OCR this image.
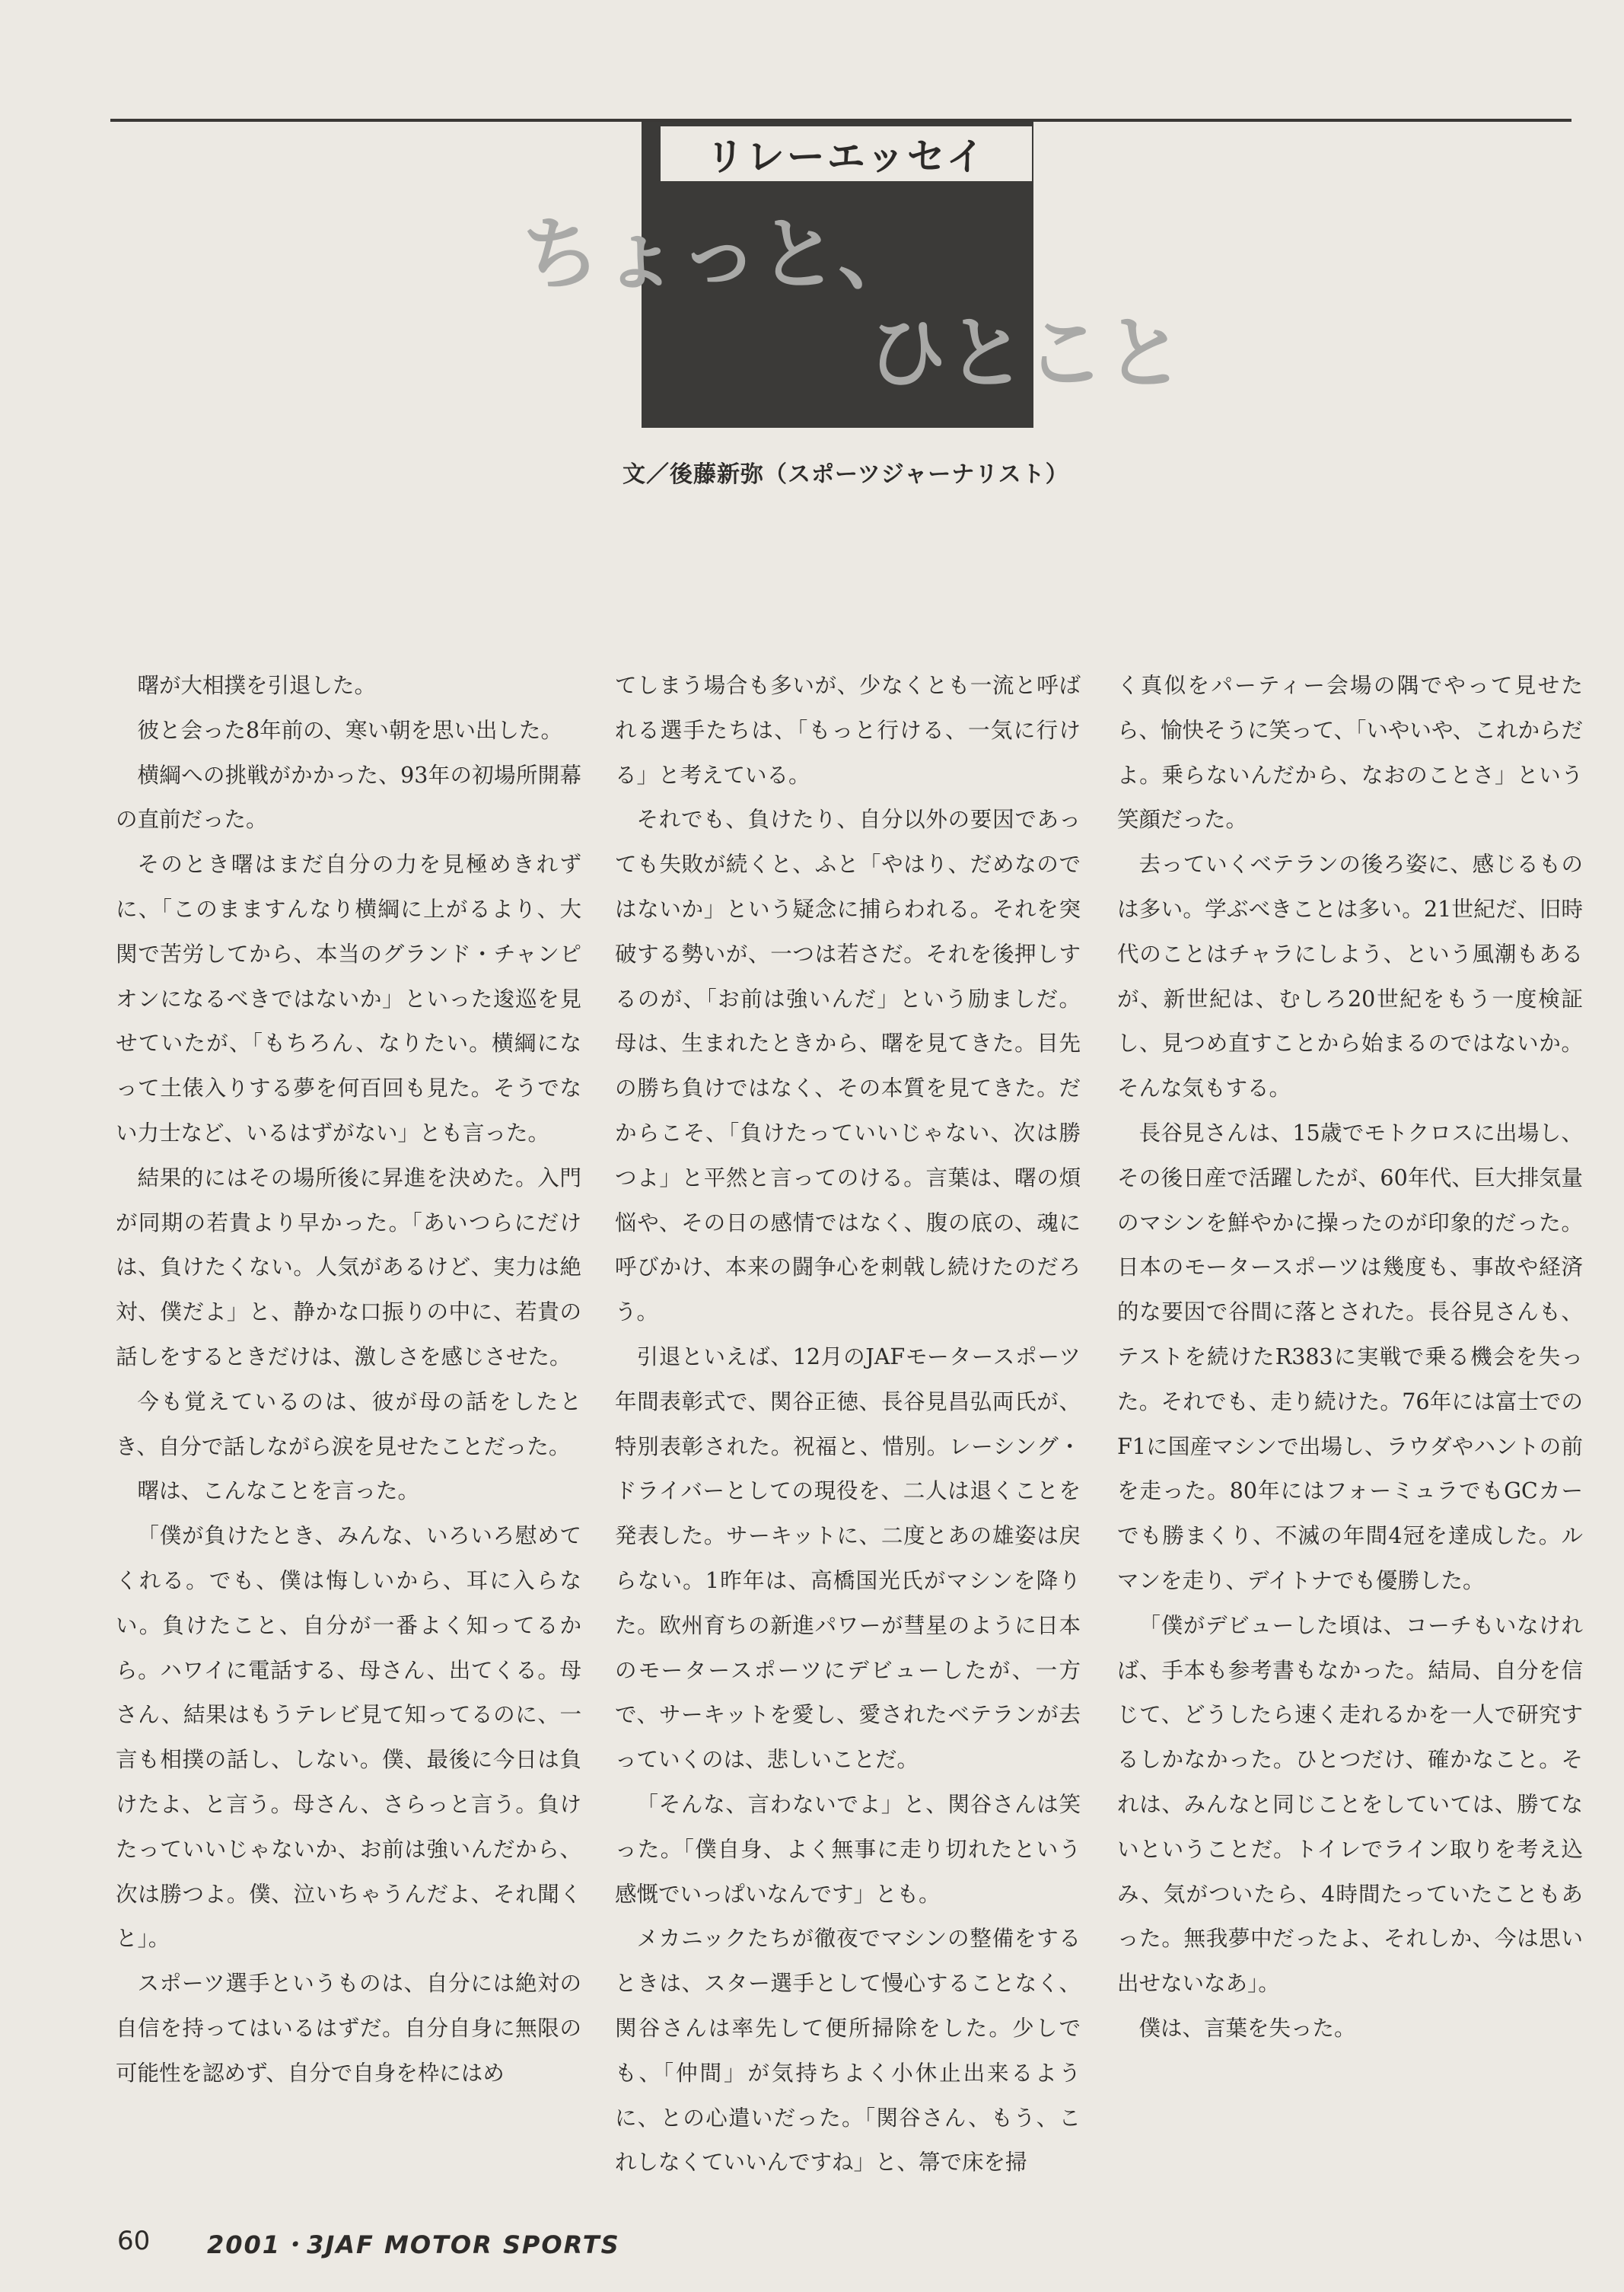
リレーエッセイ
ちょっと、
ひとこと
文／後藤新弥（スポーツジャーナリスト）

曙が大相撲を引退した。

彼と会った8年前の、寒い朝を思い出した。

横綱への挑戦がかかった、93年の初場所開幕の直前だった。

そのとき曙はまだ自分の力を見極めきれずに、「このまますんなり横綱に上がるより、大関で苦労してから、本当のグランド・チャンピオンになるべきではないか」といった逡巡を見せていたが、「もちろん、なりたい。横綱になって土俵入りする夢を何百回も見た。そうでない力士など、いるはずがない」とも言った。

結果的にはその場所後に昇進を決めた。入門が同期の若貴より早かった。「あいつらにだけは、負けたくない。人気があるけど、実力は絶対、僕だよ」と、静かな口振りの中に、若貴の話しをするときだけは、激しさを感じさせた。

今も覚えているのは、彼が母の話をしたとき、自分で話しながら涙を見せたことだった。

曙は、こんなことを言った。

「僕が負けたとき、みんな、いろいろ慰めてくれる。でも、僕は悔しいから、耳に入らない。負けたこと、自分が一番よく知ってるから。ハワイに電話する、母さん、出てくる。母さん、結果はもうテレビ見て知ってるのに、一言も相撲の話し、しない。僕、最後に今日は負けたよ、と言う。母さん、さらっと言う。負けたっていいじゃないか、お前は強いんだから、次は勝つよ。僕、泣いちゃうんだよ、それ聞くと」。

スポーツ選手というものは、自分には絶対の自信を持ってはいるはずだ。自分自身に無限の可能性を認めず、自分で自身を枠にはめ

てしまう場合も多いが、少なくとも一流と呼ばれる選手たちは、「もっと行ける、一気に行ける」と考えている。

それでも、負けたり、自分以外の要因であっても失敗が続くと、ふと「やはり、だめなのではないか」という疑念に捕らわれる。それを突破する勢いが、一つは若さだ。それを後押しするのが、「お前は強いんだ」という励ましだ。母は、生まれたときから、曙を見てきた。目先の勝ち負けではなく、その本質を見てきた。だからこそ、「負けたっていいじゃない、次は勝つよ」と平然と言ってのける。言葉は、曙の煩悩や、その日の感情ではなく、腹の底の、魂に呼びかけ、本来の闘争心を刺戟し続けたのだろう。

引退といえば、12月のJAFモータースポーツ年間表彰式で、関谷正徳、長谷見昌弘両氏が、特別表彰された。祝福と、惜別。レーシング・ドライバーとしての現役を、二人は退くことを発表した。サーキットに、二度とあの雄姿は戻らない。1昨年は、高橋国光氏がマシンを降りた。欧州育ちの新進パワーが彗星のように日本のモータースポーツにデビューしたが、一方で、サーキットを愛し、愛されたベテランが去っていくのは、悲しいことだ。

「そんな、言わないでよ」と、関谷さんは笑った。「僕自身、よく無事に走り切れたという感慨でいっぱいなんです」とも。

メカニックたちが徹夜でマシンの整備をするときは、スター選手として慢心することなく、関谷さんは率先して便所掃除をした。少しでも、「仲間」が気持ちよく小休止出来るように、との心遣いだった。「関谷さん、もう、これしなくていいんですね」と、箒で床を掃

く真似をパーティー会場の隅でやって見せたら、愉快そうに笑って、「いやいや、これからだよ。乗らないんだから、なおのことさ」という笑顔だった。

去っていくベテランの後ろ姿に、感じるものは多い。学ぶべきことは多い。21世紀だ、旧時代のことはチャラにしよう、という風潮もあるが、新世紀は、むしろ20世紀をもう一度検証し、見つめ直すことから始まるのではないか。そんな気もする。

長谷見さんは、15歳でモトクロスに出場し、その後日産で活躍したが、60年代、巨大排気量のマシンを鮮やかに操ったのが印象的だった。日本のモータースポーツは幾度も、事故や経済的な要因で谷間に落とされた。長谷見さんも、テストを続けたR383に実戦で乗る機会を失った。それでも、走り続けた。76年には富士でのF1に国産マシンで出場し、ラウダやハントの前を走った。80年にはフォーミュラでもGCカーでも勝まくり、不滅の年間4冠を達成した。ルマンを走り、デイトナでも優勝した。

「僕がデビューした頃は、コーチもいなければ、手本も参考書もなかった。結局、自分を信じて、どうしたら速く走れるかを一人で研究するしかなかった。ひとつだけ、確かなこと。それは、みんなと同じことをしていては、勝てないということだ。トイレでライン取りを考え込み、気がついたら、4時間たっていたこともあった。無我夢中だったよ、それしか、今は思い出せないなあ」。

僕は、言葉を失った。

60 2001・3JAF MOTOR SPORTS
